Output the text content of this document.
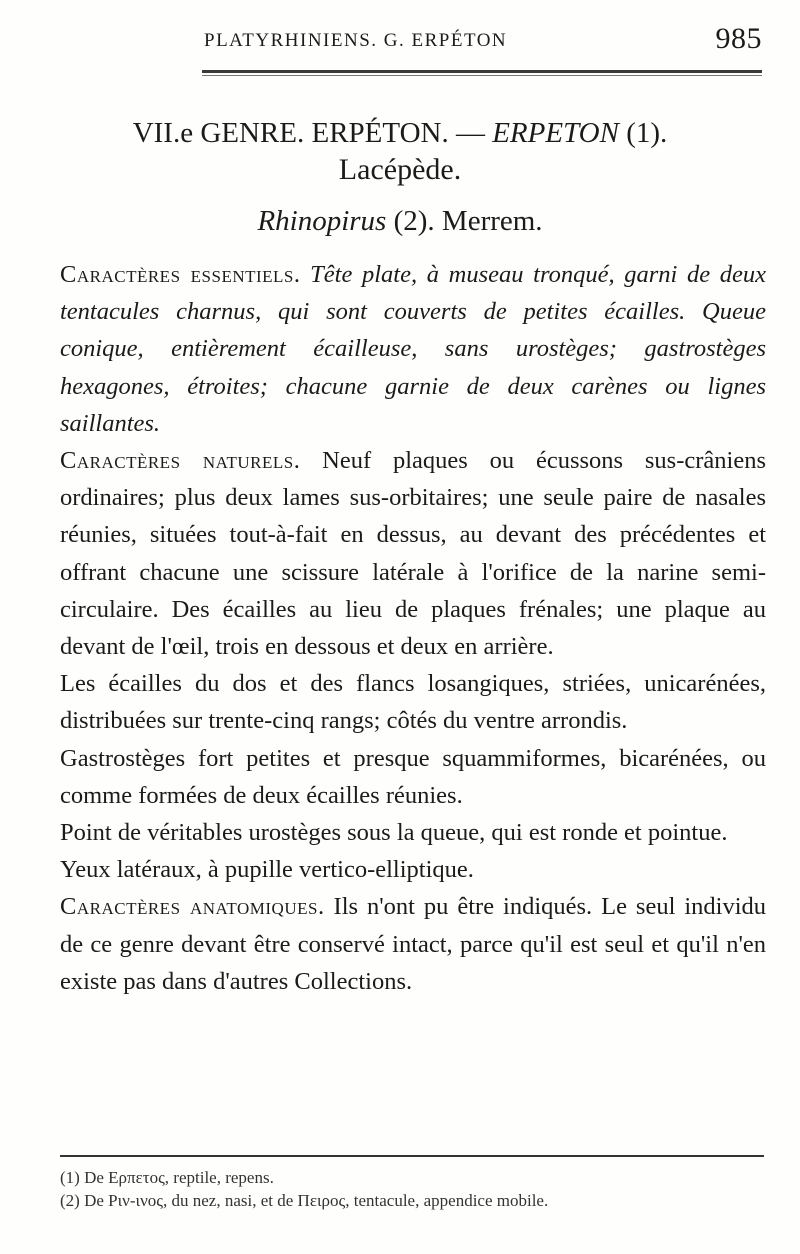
PLATYRHINIENS. G. ERPÉTON	985
VII.e GENRE. ERPÉTON. — ERPETON (1).
Lacépède.
Rhinopirus (2). Merrem.

Caractères essentiels. Tête plate, à museau tronqué, garni de deux tentacules charnus, qui sont couverts de petites écailles. Queue conique, entièrement écailleuse, sans urostèges; gastrostèges hexagones, étroites; chacune garnie de deux carènes ou lignes saillantes.

Caractères naturels. Neuf plaques ou écussons sus-crâniens ordinaires; plus deux lames sus-orbitaires; une seule paire de nasales réunies, situées tout-à-fait en dessus, au devant des précédentes et offrant chacune une scissure latérale à l'orifice de la narine semi-circulaire. Des écailles au lieu de plaques frénales; une plaque au devant de l'œil, trois en dessous et deux en arrière.

Les écailles du dos et des flancs losangiques, striées, unicarénées, distribuées sur trente-cinq rangs; côtés du ventre arrondis.

Gastrostèges fort petites et presque squammiformes, bicarénées, ou comme formées de deux écailles réunies.

Point de véritables urostèges sous la queue, qui est ronde et pointue.

Yeux latéraux, à pupille vertico-elliptique.

Caractères anatomiques. Ils n'ont pu être indiqués. Le seul individu de ce genre devant être conservé intact, parce qu'il est seul et qu'il n'en existe pas dans d'autres Collections.

(1) De Eρπετος, reptile, repens.

(2) De Ριν-ινος, du nez, nasi, et de Πειρος, tentacule, appendice mobile.
